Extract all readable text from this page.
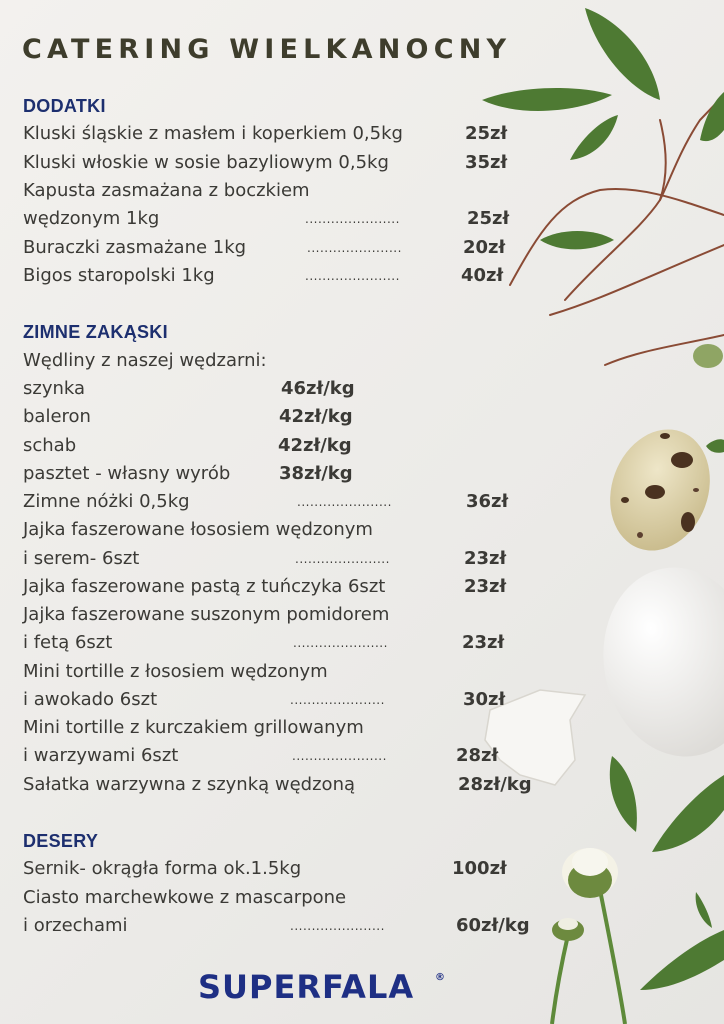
CATERING WIELKANOCNY
DODATKI
Kluski śląskie z masłem i koperkiem 0,5kg	25zł
Kluski włoskie w sosie bazyliowym 0,5kg	35zł
Kapusta zasmażana z boczkiem
wędzonym 1kg	......................	25zł
Buraczki zasmażane 1kg	......................	20zł
Bigos staropolski 1kg	......................	40zł
ZIMNE ZAKĄSKI
Wędliny z naszej wędzarni:
szynka	46zł/kg
baleron	42zł/kg
schab	42zł/kg
pasztet - własny wyrób	38zł/kg
Zimne nóżki 0,5kg	......................	36zł
Jajka faszerowane łososiem wędzonym
i serem- 6szt	......................	23zł
Jajka faszerowane pastą z tuńczyka 6szt	23zł
Jajka faszerowane suszonym pomidorem
i fetą 6szt	......................	23zł
Mini tortille z łososiem wędzonym
i awokado 6szt	......................	30zł
Mini tortille z kurczakiem grillowanym
i warzywami 6szt	......................	28zł
Sałatka warzywna z szynką wędzoną	28zł/kg
DESERY
Sernik- okrągła forma ok.1.5kg	100zł
Ciasto marchewkowe z mascarpone
i orzechami	......................	60zł/kg
SUPERFALA ®
